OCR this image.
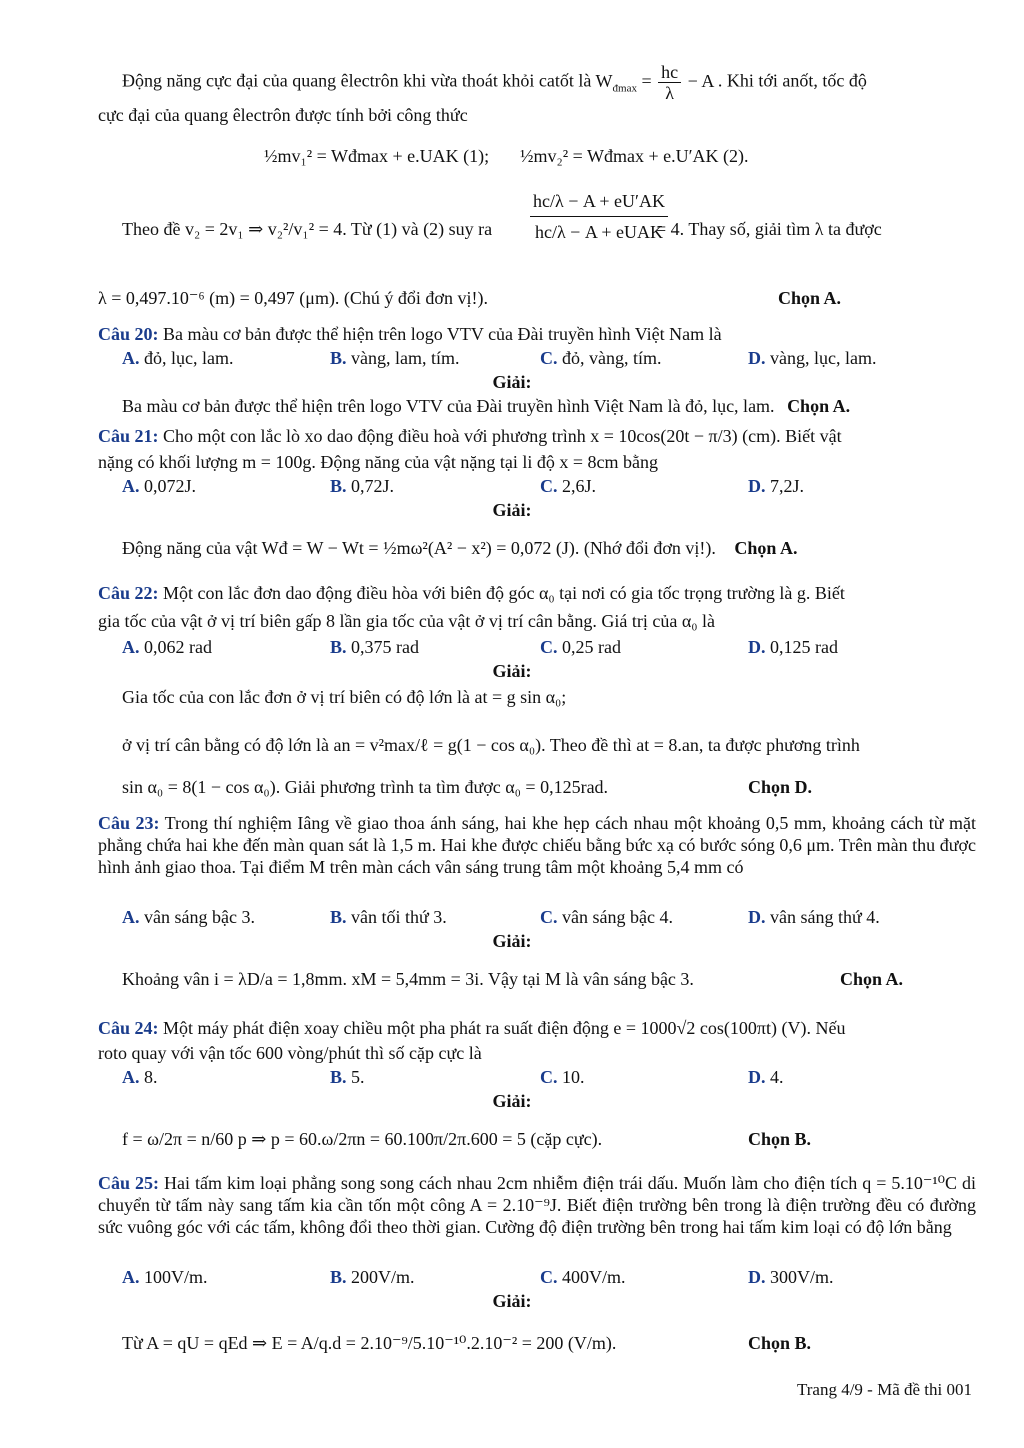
Động năng cực đại của quang êlectrôn khi vừa thoát khỏi catốt là $W_{đmax} = \frac{hc}{\lambda} - A$ . Khi tới anốt, tốc độ
cực đại của quang êlectrôn được tính bởi công thức
½mv₁² = Wđmax + e.UAK (1); ½mv₂² = Wđmax + e.U′AK (2).
Theo đề v₂ = 2v₁ ⇒ v₂²/v₁² = 4. Từ (1) và (2) suy ra
hc/λ − A + eU′AK
hc/λ − A + eUAK
= 4. Thay số, giải tìm λ ta được
λ = 0,497.10⁻⁶ (m) = 0,497 (μm). (Chú ý đổi đơn vị!).	Chọn A.
Câu 20: Ba màu cơ bản được thể hiện trên logo VTV của Đài truyền hình Việt Nam là
A. đỏ, lục, lam.	B. vàng, lam, tím.	C. đỏ, vàng, tím.	D. vàng, lục, lam.
Giải:
Ba màu cơ bản được thể hiện trên logo VTV của Đài truyền hình Việt Nam là đỏ, lục, lam. Chọn A.
Câu 21: Cho một con lắc lò xo dao động điều hoà với phương trình x = 10cos(20t − π/3) (cm). Biết vật
nặng có khối lượng m = 100g. Động năng của vật nặng tại li độ x = 8cm bằng
A. 0,072J.	B. 0,72J.	C. 2,6J.	D. 7,2J.
Giải:
Động năng của vật Wđ = W − Wt = ½mω²(A² − x²) = 0,072 (J). (Nhớ đổi đơn vị!). Chọn A.
Câu 22: Một con lắc đơn dao động điều hòa với biên độ góc α₀ tại nơi có gia tốc trọng trường là g. Biết
gia tốc của vật ở vị trí biên gấp 8 lần gia tốc của vật ở vị trí cân bằng. Giá trị của α₀ là
A. 0,062 rad	B. 0,375 rad	C. 0,25 rad	D. 0,125 rad
Giải:
Gia tốc của con lắc đơn ở vị trí biên có độ lớn là at = g sin α₀;
ở vị trí cân bằng có độ lớn là an = v²max/ℓ = g(1 − cos α₀). Theo đề thì at = 8.an, ta được phương trình
sin α₀ = 8(1 − cos α₀). Giải phương trình ta tìm được α₀ = 0,125rad.	Chọn D.
Câu 23: Trong thí nghiệm Iâng về giao thoa ánh sáng, hai khe hẹp cách nhau một khoảng 0,5 mm, khoảng cách từ mặt phẳng chứa hai khe đến màn quan sát là 1,5 m. Hai khe được chiếu bằng bức xạ có bước sóng 0,6 μm. Trên màn thu được hình ảnh giao thoa. Tại điểm M trên màn cách vân sáng trung tâm một khoảng 5,4 mm có
A. vân sáng bậc 3.	B. vân tối thứ 3.	C. vân sáng bậc 4.	D. vân sáng thứ 4.
Giải:
Khoảng vân i = λD/a = 1,8mm. xM = 5,4mm = 3i. Vậy tại M là vân sáng bậc 3.	Chọn A.
Câu 24: Một máy phát điện xoay chiều một pha phát ra suất điện động e = 1000√2 cos(100πt) (V). Nếu
roto quay với vận tốc 600 vòng/phút thì số cặp cực là
A. 8.	B. 5.	C. 10.	D. 4.
Giải:
f = ω/2π = n/60 p ⇒ p = 60.ω/2πn = 60.100π/2π.600 = 5 (cặp cực).	Chọn B.
Câu 25: Hai tấm kim loại phẳng song song cách nhau 2cm nhiễm điện trái dấu. Muốn làm cho điện tích q = 5.10⁻¹⁰C di chuyển từ tấm này sang tấm kia cần tốn một công A = 2.10⁻⁹J. Biết điện trường bên trong là điện trường đều có đường sức vuông góc với các tấm, không đổi theo thời gian. Cường độ điện trường bên trong hai tấm kim loại có độ lớn bằng
A. 100V/m.	B. 200V/m.	C. 400V/m.	D. 300V/m.
Giải:
Từ A = qU = qEd ⇒ E = A/q.d = 2.10⁻⁹/5.10⁻¹⁰.2.10⁻² = 200 (V/m).	Chọn B.
Trang 4/9 - Mã đề thi 001
